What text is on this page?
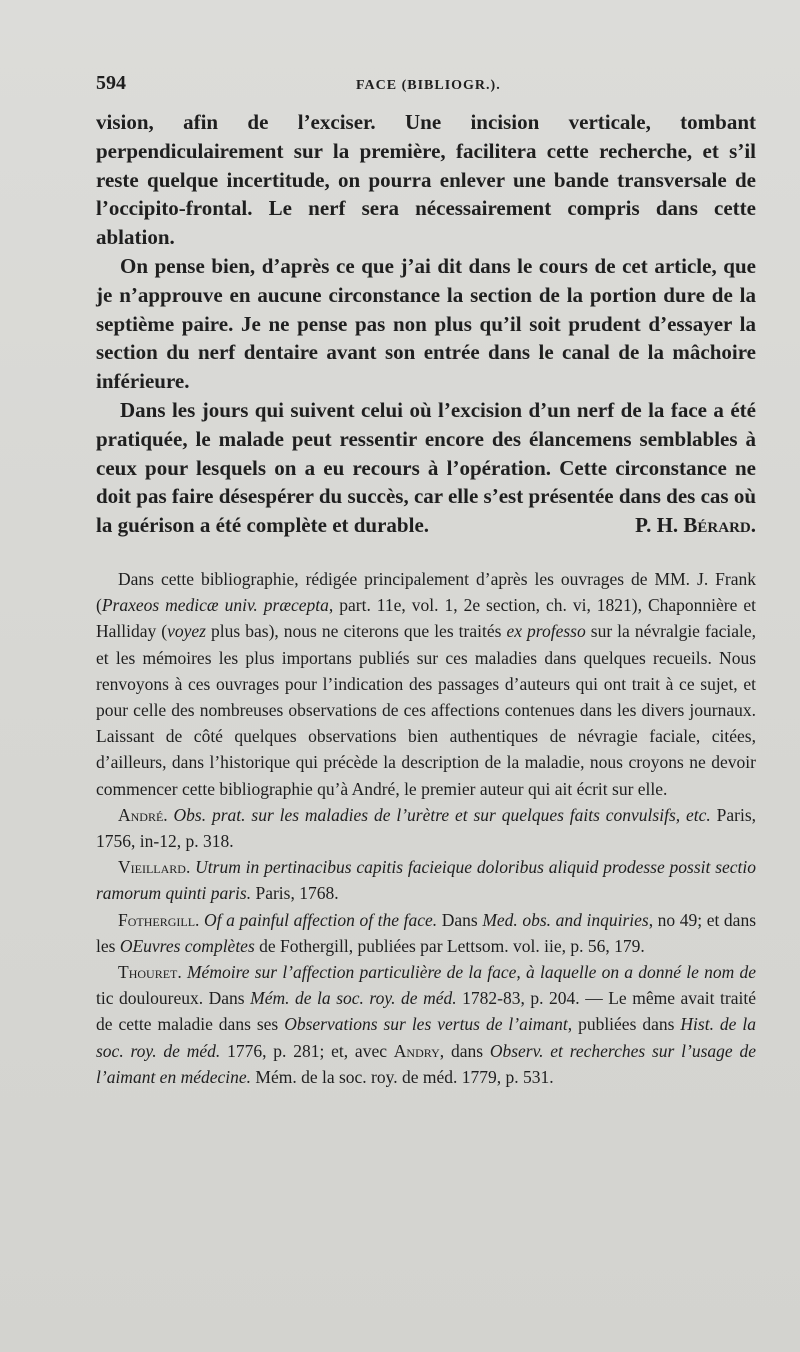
594	FACE (BIBLIOGR.).

vision, afin de l’exciser. Une incision verticale, tombant perpendiculairement sur la première, facilitera cette recherche, et s’il reste quelque incertitude, on pourra enlever une bande transversale de l’occipito-frontal. Le nerf sera nécessairement compris dans cette ablation.

On pense bien, d’après ce que j’ai dit dans le cours de cet article, que je n’approuve en aucune circonstance la section de la portion dure de la septième paire. Je ne pense pas non plus qu’il soit prudent d’essayer la section du nerf dentaire avant son entrée dans le canal de la mâchoire inférieure.

Dans les jours qui suivent celui où l’excision d’un nerf de la face a été pratiquée, le malade peut ressentir encore des élancemens semblables à ceux pour lesquels on a eu recours à l’opération. Cette circonstance ne doit pas faire désespérer du succès, car elle s’est présentée dans des cas où la guérison a été complète et durable.	P. H. Bérard.

Dans cette bibliographie, rédigée principalement d’après les ouvrages de MM. J. Frank (Praxeos medicæ univ. præcepta, part. 11e, vol. 1, 2e section, ch. vi, 1821), Chaponnière et Halliday (voyez plus bas), nous ne citerons que les traités ex professo sur la névralgie faciale, et les mémoires les plus importans publiés sur ces maladies dans quelques recueils. Nous renvoyons à ces ouvrages pour l’indication des passages d’auteurs qui ont trait à ce sujet, et pour celle des nombreuses observations de ces affections contenues dans les divers journaux. Laissant de côté quelques observations bien authentiques de névragie faciale, citées, d’ailleurs, dans l’historique qui précède la description de la maladie, nous croyons ne devoir commencer cette bibliographie qu’à André, le premier auteur qui ait écrit sur elle.

André. Obs. prat. sur les maladies de l’urètre et sur quelques faits convulsifs, etc. Paris, 1756, in-12, p. 318.

Vieillard. Utrum in pertinacibus capitis facieique doloribus aliquid prodesse possit sectio ramorum quinti paris. Paris, 1768.

Fothergill. Of a painful affection of the face. Dans Med. obs. and inquiries, no 49; et dans les OEuvres complètes de Fothergill, publiées par Lettsom. vol. iie, p. 56, 179.

Thouret. Mémoire sur l’affection particulière de la face, à laquelle on a donné le nom de tic douloureux. Dans Mém. de la soc. roy. de méd. 1782-83, p. 204. — Le même avait traité de cette maladie dans ses Observations sur les vertus de l’aimant, publiées dans Hist. de la soc. roy. de méd. 1776, p. 281; et, avec Andry, dans Observ. et recherches sur l’usage de l’aimant en médecine. Mém. de la soc. roy. de méd. 1779, p. 531.
